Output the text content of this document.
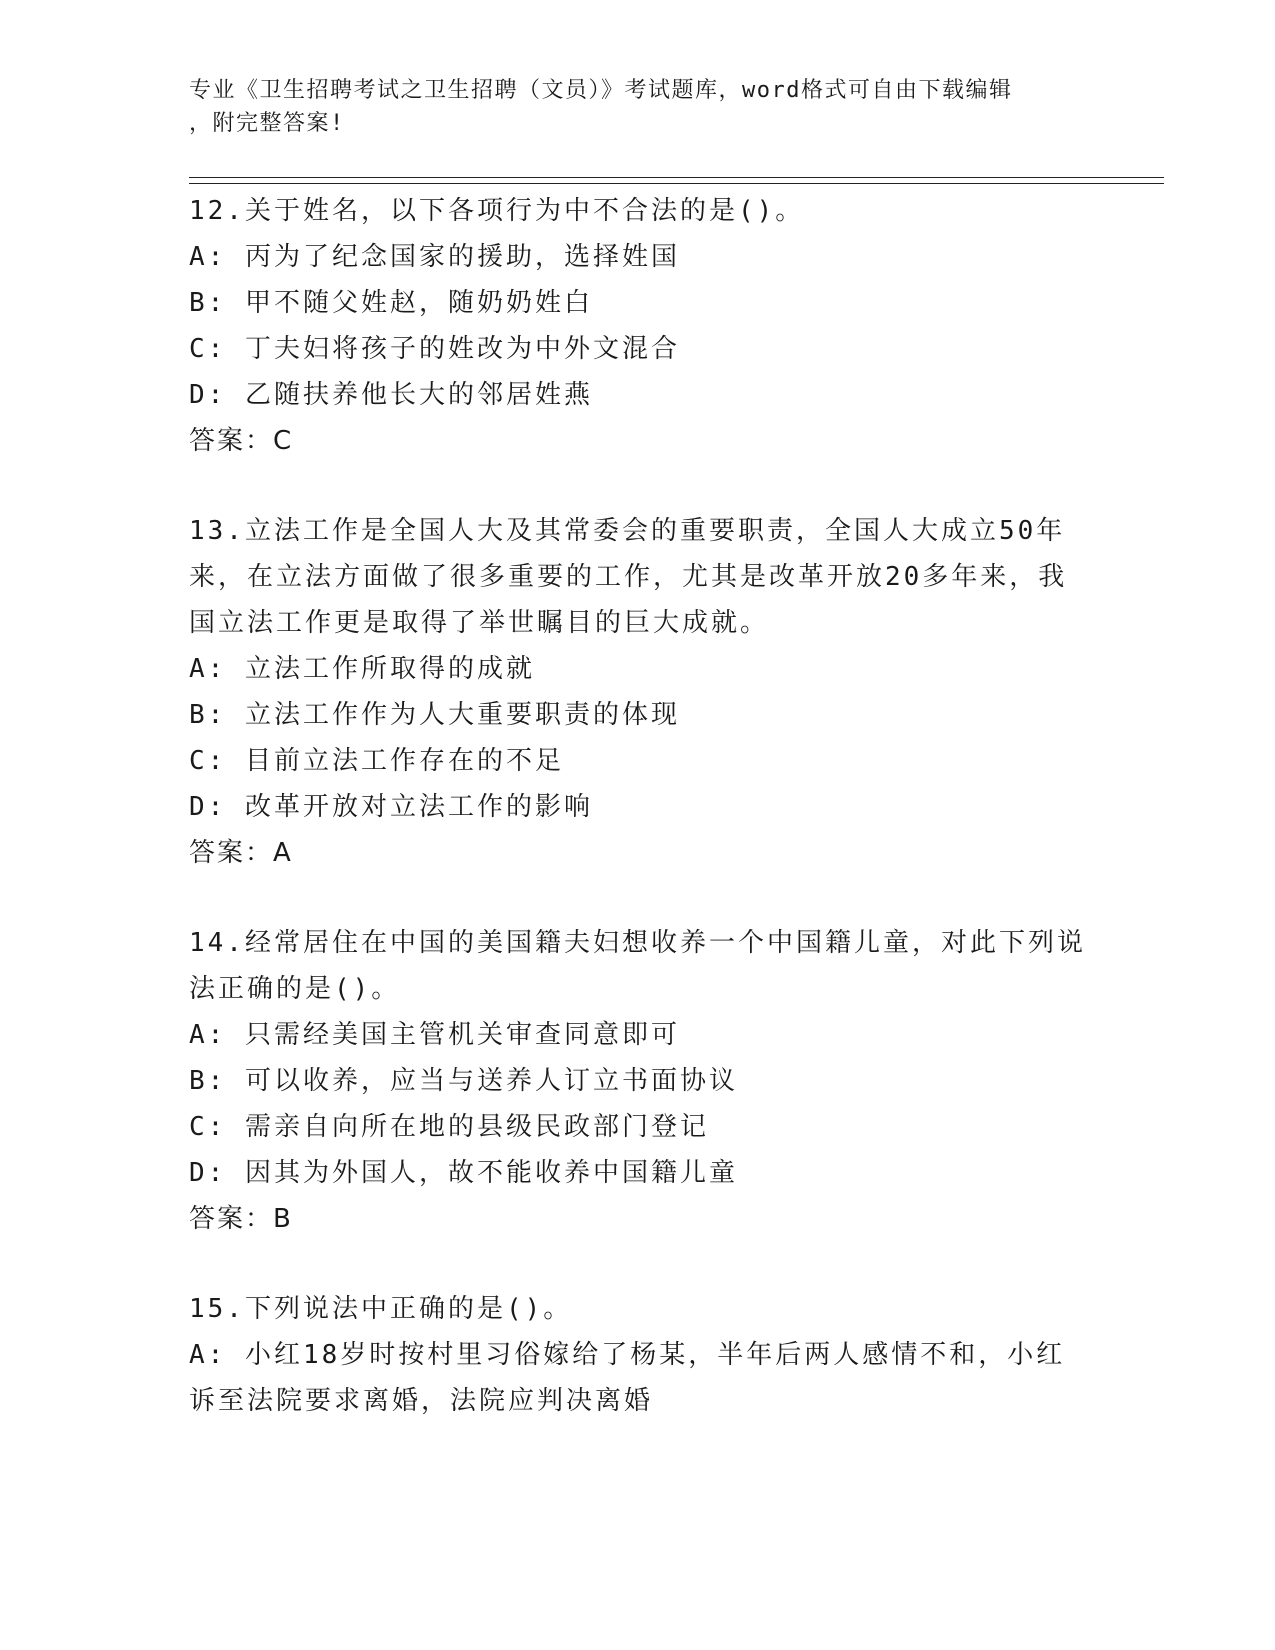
专业《卫生招聘考试之卫生招聘（文员）》考试题库，word格式可自由下载编辑
，附完整答案!
12.关于姓名，以下各项行为中不合法的是()。
A: 丙为了纪念国家的援助，选择姓国
B: 甲不随父姓赵，随奶奶姓白
C: 丁夫妇将孩子的姓改为中外文混合
D: 乙随扶养他长大的邻居姓燕
答案：C
13.立法工作是全国人大及其常委会的重要职责，全国人大成立50年来，在立法方面做了很多重要的工作，尤其是改革开放20多年来，我国立法工作更是取得了举世瞩目的巨大成就。
A: 立法工作所取得的成就
B: 立法工作作为人大重要职责的体现
C: 目前立法工作存在的不足
D: 改革开放对立法工作的影响
答案：A
14.经常居住在中国的美国籍夫妇想收养一个中国籍儿童，对此下列说法正确的是()。
A: 只需经美国主管机关审查同意即可
B: 可以收养，应当与送养人订立书面协议
C: 需亲自向所在地的县级民政部门登记
D: 因其为外国人，故不能收养中国籍儿童
答案：B
15.下列说法中正确的是()。
A: 小红18岁时按村里习俗嫁给了杨某，半年后两人感情不和，小红诉至法院要求离婚，法院应判决离婚
